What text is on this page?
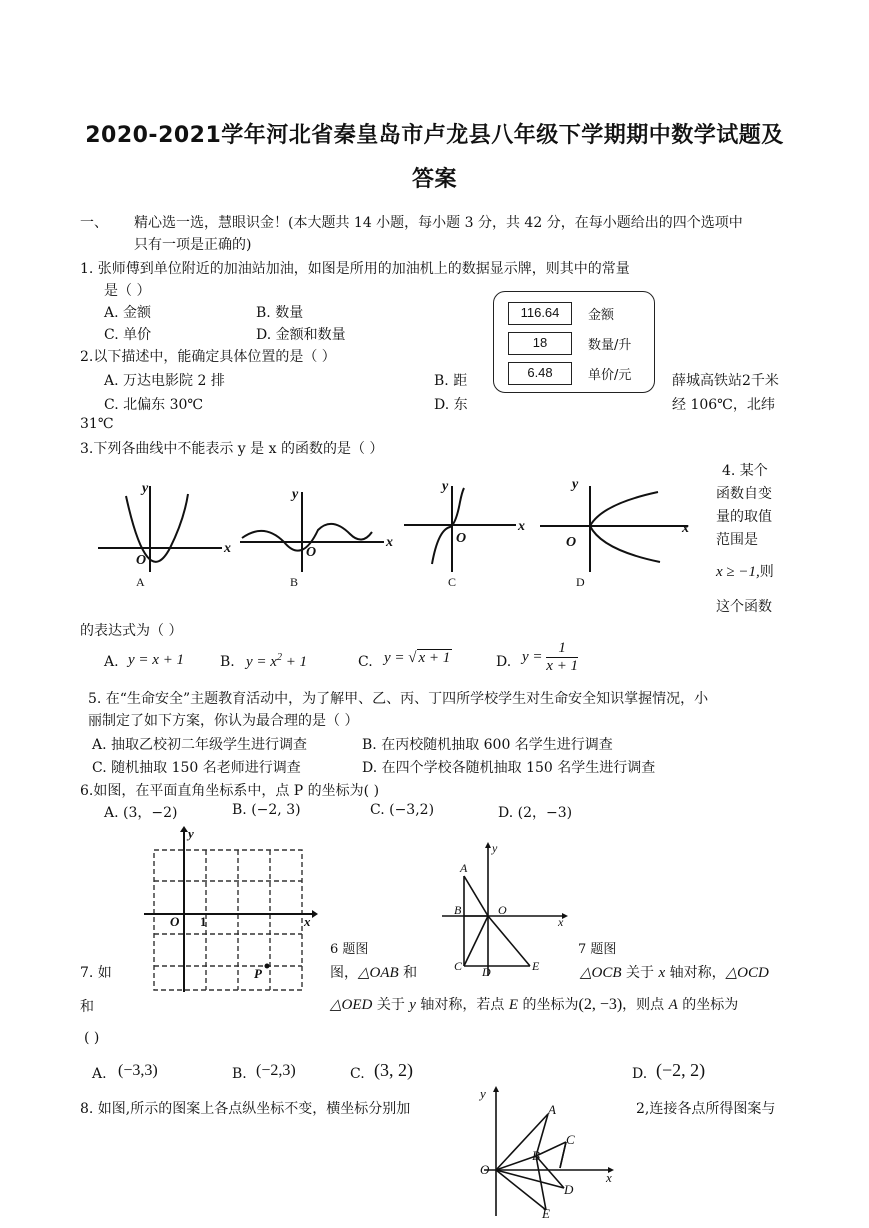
2020-2021学年河北省秦皇岛市卢龙县八年级下学期期中数学试题及
答案
一、 精心选一选，慧眼识金！(本大题共 14 小题，每小题 3 分，共 42 分，在每小题给出的四个选项中
只有一项是正确的)
1. 张师傅到单位附近的加油站加油，如图是所用的加油机上的数据显示牌，则其中的常量
是（ ）
A. 金额	B. 数量
C. 单价	D. 金额和数量
116.64	金额
18	数量/升
6.48	单价/元
2.以下描述中，能确定具体位置的是（ ）
A. 万达电影院 2 排	B. 距	薛城高铁站2千米
C. 北偏东 30℃	D. 东	经 106℃，北纬
31℃
3.下列各曲线中不能表示 y 是 x 的函数的是（ ）
y
x
O
y
x
O
y
x
O
y
x
O
A	B	C	D
4. 某个
函数自变
量的取值
范围是
x ≥ −1,则
这个函数
的表达式为（ ）
A. y = x + 1	B. $y = x^2 + 1$	C. y = √ x + 1	D. $y = \frac{1}{x + 1}$
5. 在“生命安全”主题教育活动中，为了解甲、乙、丙、丁四所学校学生对生命安全知识掌握情况，小
丽制定了如下方案，你认为最合理的是（ ）
A. 抽取乙校初二年级学生进行调查	B. 在丙校随机抽取 600 名学生进行调查
C. 随机抽取 150 名老师进行调查	D. 在四个学校各随机抽取 150 名学生进行调查
6.如图，在平面直角坐标系中，点 P 的坐标为( )
A. (3，−2)	B. (−2, 3)	C. (−3,2)	D. (2，−3)
y
x
O 1
P
6 题图
y
x
A
B	O
C D	E
7 题图
7. 如	图，△OAB 和	△OCB 关于 x 轴对称，△OCD
和	△OED 关于 y 轴对称，若点 E 的坐标为(2, −3)，则点 A 的坐标为
( )
A. (−3,3)	B. (−2,3)	C. (3, 2)	D. (−2, 2)
8. 如图,所示的图案上各点纵坐标不变，横坐标分别加	2,连接各点所得图案与
y
x
A
B
C
D
E
O
